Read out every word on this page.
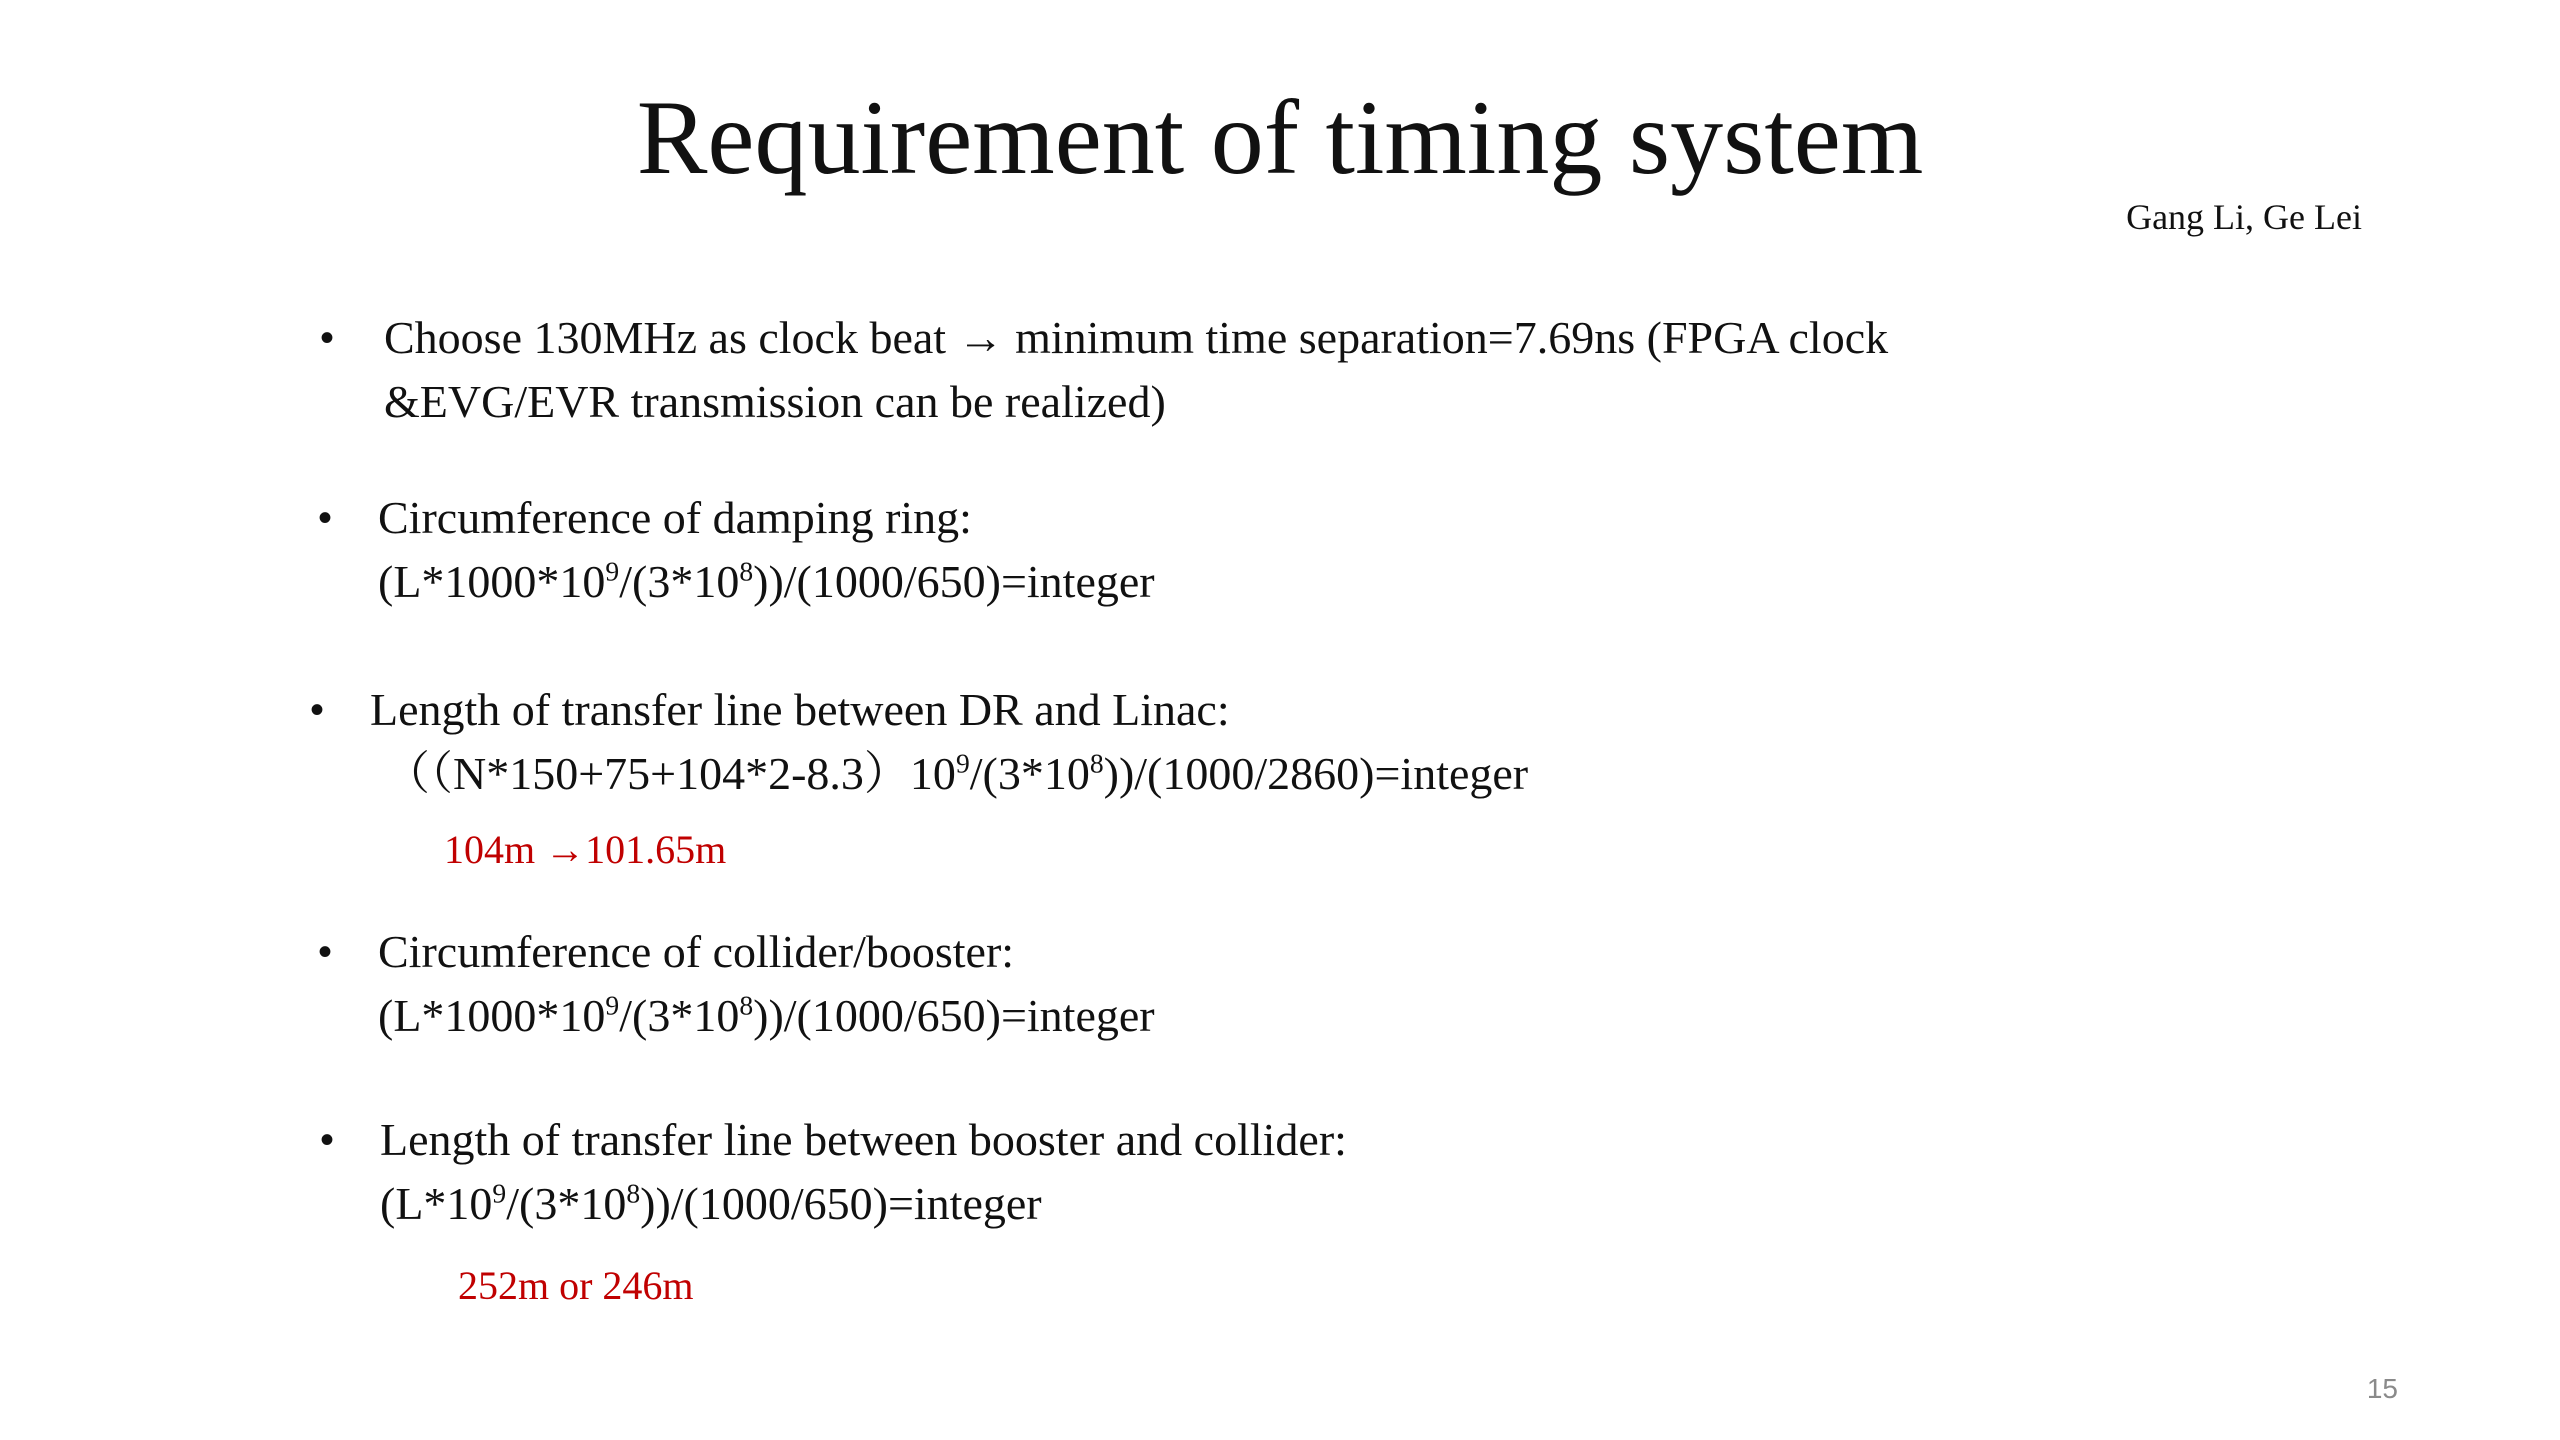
Requirement of timing system
Gang Li, Ge Lei
• Choose 130MHz as clock beat → minimum time separation=7.69ns (FPGA clock
&EVG/EVR transmission can be realized)
• Circumference of damping ring:
$(L*1000*10^9/(3*10^8))/(1000/650)=integer$
• Length of transfer line between DR and Linac:
$((N*150+75+104*2-8.3)10^9/(3*10^8))/(1000/2860)=integer$
104m →101.65m
• Circumference of collider/booster:
$(L*1000*10^9/(3*10^8))/(1000/650)=integer$
• Length of transfer line between booster and collider:
$(L*10^9/(3*10^8))/(1000/650)=integer$
252m or 246m
15
